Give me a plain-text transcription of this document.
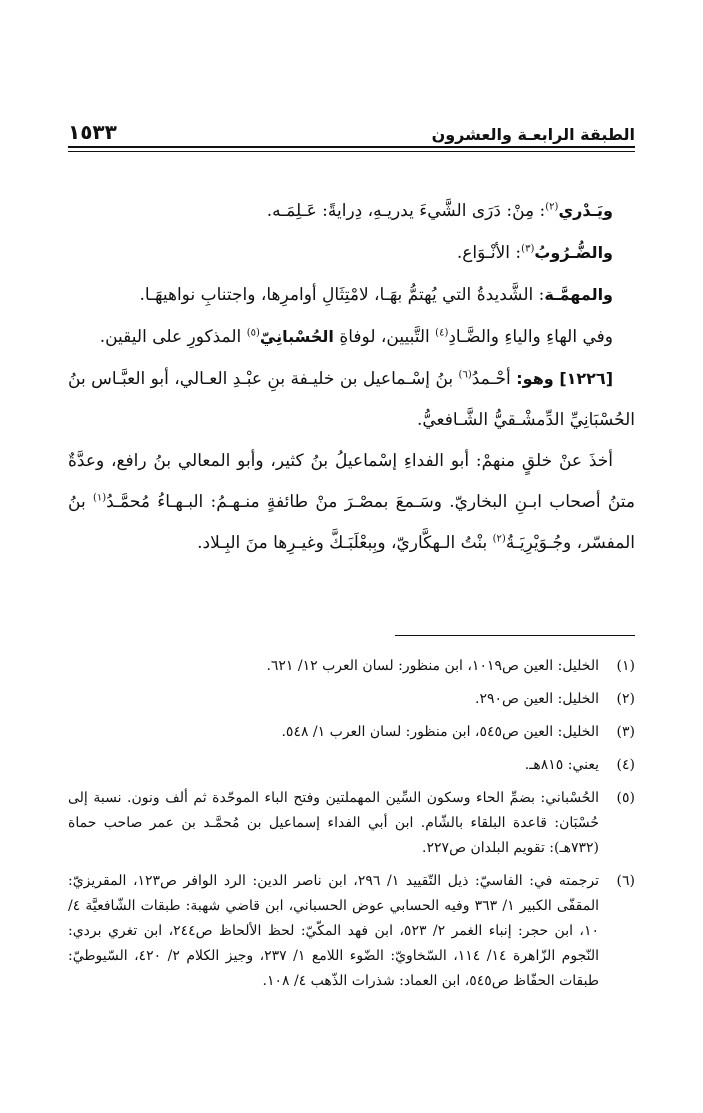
١٥٣٣	الطبقة الرابعـة والعشرون

ويَـدْري$^{(٢)}$: مِنْ: دَرَى الشَّيءَ يدريـهِ، دِرايةً: عَـلِمَـه.

والضُّـرُوبُ$^{(٣)}$: الأنْـوَاع.

والمهمَّـة: الشَّديدةُ التي يُهتمُّ بهَـا، لامْتِثَالِ أوامرِها، واجتنابِ نواهيهَـا.

وفي الهاءِ والياءِ والضَّـادِ$^{(٤)}$ التَّبيين، لوفاةِ الحُسْبانِيّ$^{(٥)}$ المذكورِ على اليقين.

[١٢٢٦] وهو: أحْـمدُ$^{(٦)}$ بنُ إسْـماعيل بن خليـفة بنِ عبْـدِ العـالي، أبو العبَّـاس بنُ الحُسْبَانِيِّ الدِّمشْـقيُّ الشَّـافعيُّ.

أخذَ عنْ خلقٍ منهمْ: أبو الفداءِ إسْماعيلُ بنُ كثير، وأبو المعالي بنُ رافع، وعدَّةٌ متنُ أصحاب ابـنِ البخاريّ. وسَـمعَ بمصْـرَ منْ طائفةٍ منـهـمُ: البـهـاءُ مُحمَّـدُ$^{(١)}$ بنُ المفسّر، وجُـوَيْرِيَـةُ$^{(٢)}$ بنْتُ الـهكَّاريّ، وبِبعْلَبَـكَّ وغيـرِها منَ البِـلاد.

(١)
الخليل: العين ص١٠١٩، ابن منظور: لسان العرب ١٢/ ٦٢١.
(٢)
الخليل: العين ص٢٩٠.
(٣)
الخليل: العين ص٥٤٥، ابن منظور: لسان العرب ١/ ٥٤٨.
(٤)
يعني: ٨١٥هـ.
(٥)
الحُسْباني: بضمِّ الحاء وسكون السِّين المهملتين وفتح الباء الموحّدة ثم ألف ونون. نسبة إلى حُسْبَان: قاعدة البلقاء بالشّام. ابن أبي الفداء إسماعيل بن مُحمَّـد بن عمر صاحب حماة (٧٣٢هـ): تقويم البلدان ص٢٢٧.
(٦)
ترجمته في: الفاسيّ: ذيل التّقييد ١/ ٢٩٦، ابن ناصر الدين: الرد الوافر ص١٢٣، المقريزيّ: المقفّى الكبير ١/ ٣٦٣ وفيه الحسابي عوض الحسباني، ابن قاضي شهبة: طبقات الشّافعيَّة ٤/ ١٠، ابن حجر: إنباء الغمر ٢/ ٥٢٣، ابن فهد المكّيّ: لحظ الألحاظ ص٢٤٤، ابن تغري بردي: النّجوم الزّاهرة ١٤/ ١١٤، السّخاويّ: الضّوء اللامع ١/ ٢٣٧، وجيز الكلام ٢/ ٤٢٠، السّيوطيّ: طبقات الحفّاظ ص٥٤٥، ابن العماد: شذرات الذّهب ٤/ ١٠٨.
